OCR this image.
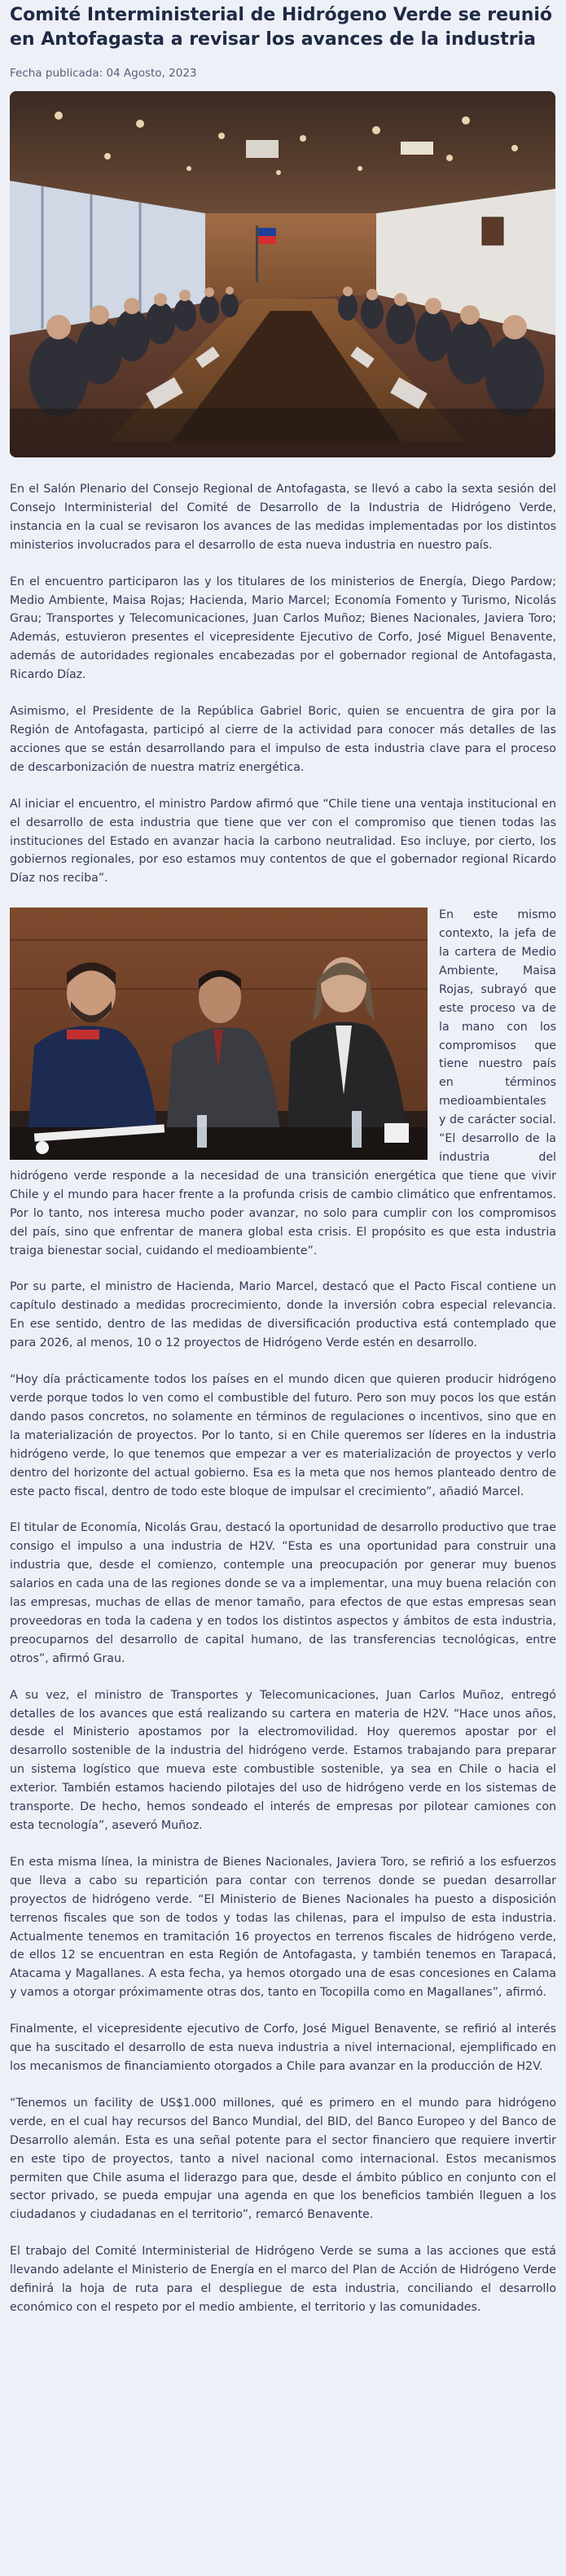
Comité Interministerial de Hidrógeno Verde se reunió en Antofagasta a revisar los avances de la industria
Fecha publicada: 04 Agosto, 2023

En el Salón Plenario del Consejo Regional de Antofagasta, se llevó a cabo la sexta sesión del Consejo Interministerial del Comité de Desarrollo de la Industria de Hidrógeno Verde, instancia en la cual se revisaron los avances de las medidas implementadas por los distintos ministerios involucrados para el desarrollo de esta nueva industria en nuestro país.

En el encuentro participaron las y los titulares de los ministerios de Energía, Diego Pardow; Medio Ambiente, Maisa Rojas; Hacienda, Mario Marcel; Economía Fomento y Turismo, Nicolás Grau; Transportes y Telecomunicaciones, Juan Carlos Muñoz; Bienes Nacionales, Javiera Toro; Además, estuvieron presentes el vicepresidente Ejecutivo de Corfo, José Miguel Benavente, además de autoridades regionales encabezadas por el gobernador regional de Antofagasta, Ricardo Díaz.

Asimismo, el Presidente de la República Gabriel Boric, quien se encuentra de gira por la Región de Antofagasta, participó al cierre de la actividad para conocer más detalles de las acciones que se están desarrollando para el impulso de esta industria clave para el proceso de descarbonización de nuestra matriz energética.

Al iniciar el encuentro, el ministro Pardow afirmó que “Chile tiene una ventaja institucional en el desarrollo de esta industria que tiene que ver con el compromiso que tienen todas las instituciones del Estado en avanzar hacia la carbono neutralidad. Eso incluye, por cierto, los gobiernos regionales, por eso estamos muy contentos de que el gobernador regional Ricardo Díaz nos reciba”.

En este mismo contexto, la jefa de la cartera de Medio Ambiente, Maisa Rojas, subrayó que este proceso va de la mano con los compromisos que tiene nuestro país en términos medioambientales y de carácter social. “El desarrollo de la industria del hidrógeno verde responde a la necesidad de una transición energética que tiene que vivir Chile y el mundo para hacer frente a la profunda crisis de cambio climático que enfrentamos. Por lo tanto, nos interesa mucho poder avanzar, no solo para cumplir con los compromisos del país, sino que enfrentar de manera global esta crisis. El propósito es que esta industria traiga bienestar social, cuidando el medioambiente”.

Por su parte, el ministro de Hacienda, Mario Marcel, destacó que el Pacto Fiscal contiene un capítulo destinado a medidas procrecimiento, donde la inversión cobra especial relevancia. En ese sentido, dentro de las medidas de diversificación productiva está contemplado que para 2026, al menos, 10 o 12 proyectos de Hidrógeno Verde estén en desarrollo.

“Hoy día prácticamente todos los países en el mundo dicen que quieren producir hidrógeno verde porque todos lo ven como el combustible del futuro. Pero son muy pocos los que están dando pasos concretos, no solamente en términos de regulaciones o incentivos, sino que en la materialización de proyectos. Por lo tanto, si en Chile queremos ser líderes en la industria hidrógeno verde, lo que tenemos que empezar a ver es materialización de proyectos y verlo dentro del horizonte del actual gobierno. Esa es la meta que nos hemos planteado dentro de este pacto fiscal, dentro de todo este bloque de impulsar el crecimiento”, añadió Marcel.

El titular de Economía, Nicolás Grau, destacó la oportunidad de desarrollo productivo que trae consigo el impulso a una industria de H2V. “Esta es una oportunidad para construir una industria que, desde el comienzo, contemple una preocupación por generar muy buenos salarios en cada una de las regiones donde se va a implementar, una muy buena relación con las empresas, muchas de ellas de menor tamaño, para efectos de que estas empresas sean proveedoras en toda la cadena y en todos los distintos aspectos y ámbitos de esta industria, preocuparnos del desarrollo de capital humano, de las transferencias tecnológicas, entre otros”, afirmó Grau.

A su vez, el ministro de Transportes y Telecomunicaciones, Juan Carlos Muñoz, entregó detalles de los avances que está realizando su cartera en materia de H2V. “Hace unos años, desde el Ministerio apostamos por la electromovilidad. Hoy queremos apostar por el desarrollo sostenible de la industria del hidrógeno verde. Estamos trabajando para preparar un sistema logístico que mueva este combustible sostenible, ya sea en Chile o hacia el exterior. También estamos haciendo pilotajes del uso de hidrógeno verde en los sistemas de transporte. De hecho, hemos sondeado el interés de empresas por pilotear camiones con esta tecnología”, aseveró Muñoz.

En esta misma línea, la ministra de Bienes Nacionales, Javiera Toro, se refirió a los esfuerzos que lleva a cabo su repartición para contar con terrenos donde se puedan desarrollar proyectos de hidrógeno verde. “El Ministerio de Bienes Nacionales ha puesto a disposición terrenos fiscales que son de todos y todas las chilenas, para el impulso de esta industria. Actualmente tenemos en tramitación 16 proyectos en terrenos fiscales de hidrógeno verde, de ellos 12 se encuentran en esta Región de Antofagasta, y también tenemos en Tarapacá, Atacama y Magallanes. A esta fecha, ya hemos otorgado una de esas concesiones en Calama y vamos a otorgar próximamente otras dos, tanto en Tocopilla como en Magallanes”, afirmó.

Finalmente, el vicepresidente ejecutivo de Corfo, José Miguel Benavente, se refirió al interés que ha suscitado el desarrollo de esta nueva industria a nivel internacional, ejemplificado en los mecanismos de financiamiento otorgados a Chile para avanzar en la producción de H2V.

“Tenemos un facility de US$1.000 millones, qué es primero en el mundo para hidrógeno verde, en el cual hay recursos del Banco Mundial, del BID, del Banco Europeo y del Banco de Desarrollo alemán. Esta es una señal potente para el sector financiero que requiere invertir en este tipo de proyectos, tanto a nivel nacional como internacional. Estos mecanismos permiten que Chile asuma el liderazgo para que, desde el ámbito público en conjunto con el sector privado, se pueda empujar una agenda en que los beneficios también lleguen a los ciudadanos y ciudadanas en el territorio”, remarcó Benavente.

El trabajo del Comité Interministerial de Hidrógeno Verde se suma a las acciones que está llevando adelante el Ministerio de Energía en el marco del Plan de Acción de Hidrógeno Verde definirá la hoja de ruta para el despliegue de esta industria, conciliando el desarrollo económico con el respeto por el medio ambiente, el territorio y las comunidades.
